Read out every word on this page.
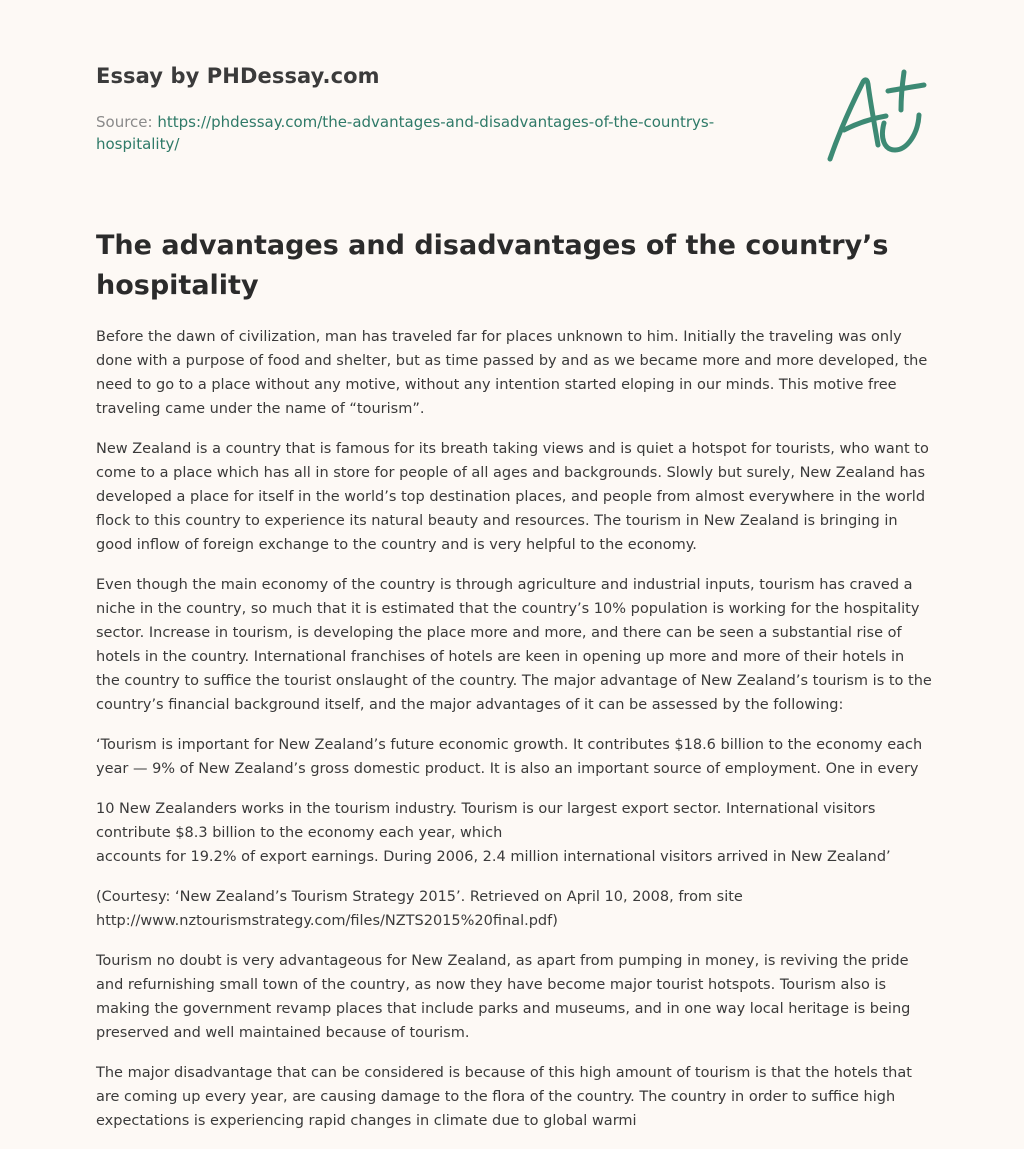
Essay by PHDessay.com
Source: https://phdessay.com/the-advantages-and-disadvantages-of-the-countrys-hospitality/
The advantages and disadvantages of the country’s hospitality

Before the dawn of civilization, man has traveled far for places unknown to him. Initially the traveling was only done with a purpose of food and shelter, but as time passed by and as we became more and more developed, the need to go to a place without any motive, without any intention started eloping in our minds. This motive free traveling came under the name of “tourism”.

New Zealand is a country that is famous for its breath taking views and is quiet a hotspot for tourists, who want to come to a place which has all in store for people of all ages and backgrounds. Slowly but surely, New Zealand has developed a place for itself in the world’s top destination places, and people from almost everywhere in the world flock to this country to experience its natural beauty and resources. The tourism in New Zealand is bringing in good inflow of foreign exchange to the country and is very helpful to the economy.

Even though the main economy of the country is through agriculture and industrial inputs, tourism has craved a niche in the country, so much that it is estimated that the country’s 10% population is working for the hospitality sector. Increase in tourism, is developing the place more and more, and there can be seen a substantial rise of hotels in the country. International franchises of hotels are keen in opening up more and more of their hotels in the country to suffice the tourist onslaught of the country. The major advantage of New Zealand’s tourism is to the country’s financial background itself, and the major advantages of it can be assessed by the following:

‘Tourism is important for New Zealand’s future economic growth. It contributes $18.6 billion to the economy each year — 9% of New Zealand’s gross domestic product. It is also an important source of employment. One in every

10 New Zealanders works in the tourism industry. Tourism is our largest export sector. International visitors contribute $8.3 billion to the economy each year, which
accounts for 19.2% of export earnings. During 2006, 2.4 million international visitors arrived in New Zealand’

(Courtesy: ‘New Zealand’s Tourism Strategy 2015’. Retrieved on April 10, 2008, from site http://www.nztourismstrategy.com/files/NZTS2015%20final.pdf)

Tourism no doubt is very advantageous for New Zealand, as apart from pumping in money, is reviving the pride and refurnishing small town of the country, as now they have become major tourist hotspots. Tourism also is making the government revamp places that include parks and museums, and in one way local heritage is being preserved and well maintained because of tourism.

The major disadvantage that can be considered is because of this high amount of tourism is that the hotels that are coming up every year, are causing damage to the flora of the country. The country in order to suffice high expectations is experiencing rapid changes in climate due to global warmi
